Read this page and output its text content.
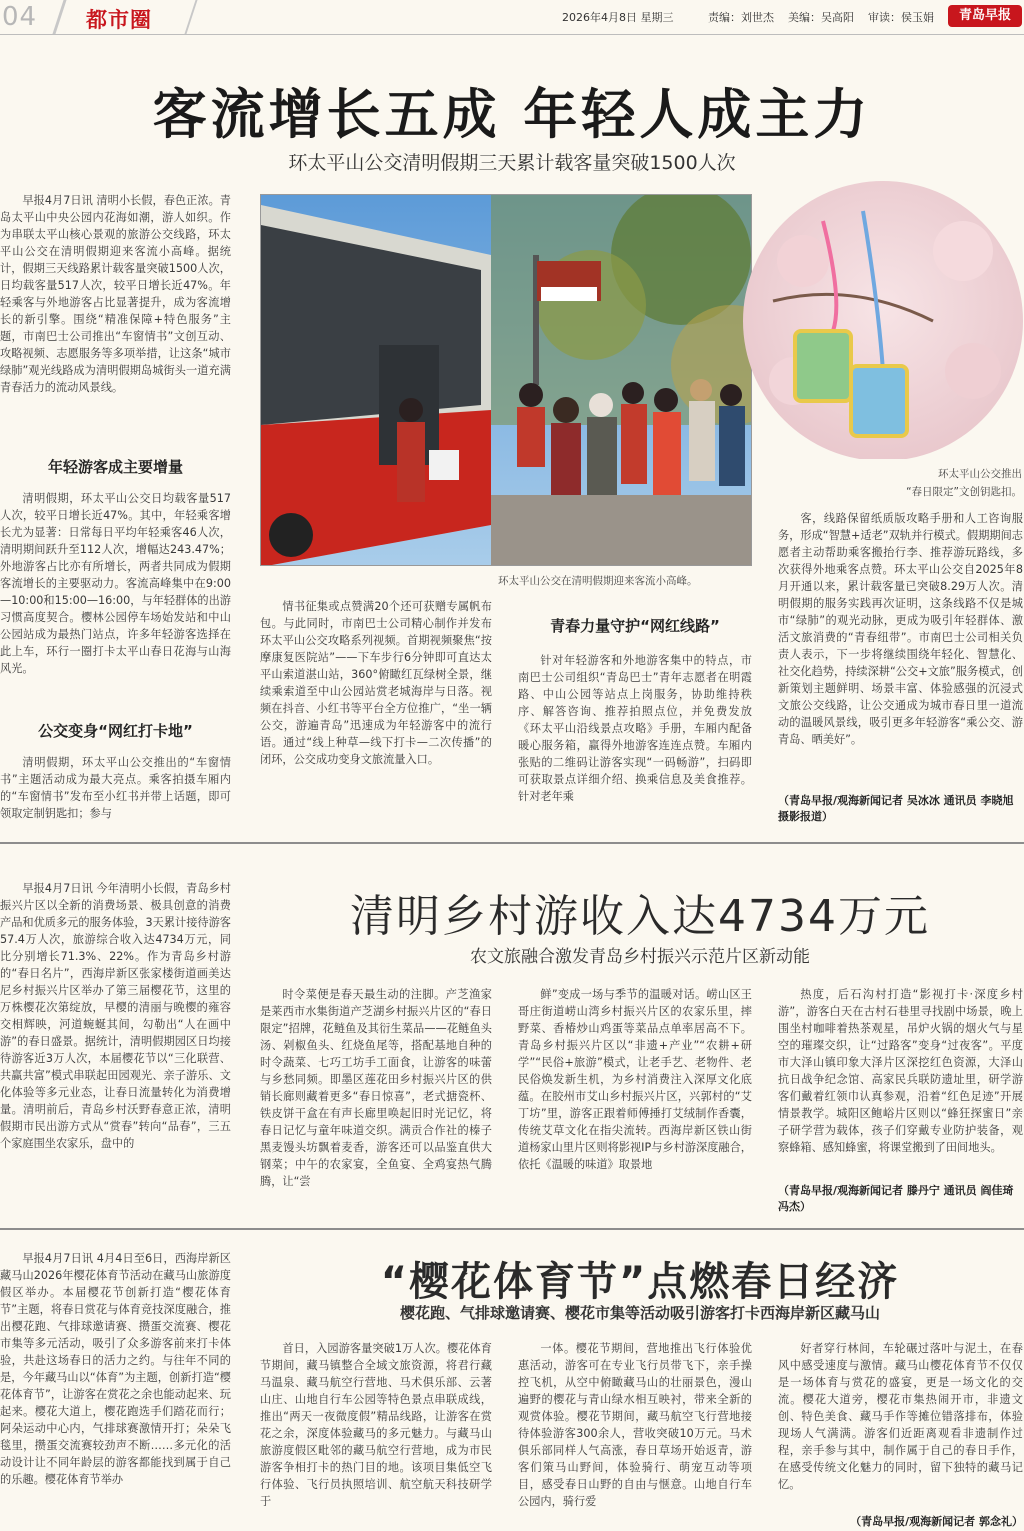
04 都市圈	2026年4月8日 星期三	责编：刘世杰 美编：吴高阳 审读：侯玉娟	青岛早报
客流增长五成 年轻人成主力
环太平山公交清明假期三天累计载客量突破1500人次

早报4月7日讯 清明小长假，春色正浓。青岛太平山中央公园内花海如潮，游人如织。作为串联太平山核心景观的旅游公交线路，环太平山公交在清明假期迎来客流小高峰。据统计，假期三天线路累计载客量突破1500人次，日均载客量517人次，较平日增长近47%。年轻乘客与外地游客占比显著提升，成为客流增长的新引擎。围绕“精准保障+特色服务”主题，市南巴士公司推出“车窗情书”文创互动、攻略视频、志愿服务等多项举措，让这条“城市绿肺”观光线路成为清明假期岛城街头一道充满青春活力的流动风景线。

年轻游客成主要增量

清明假期，环太平山公交日均载客量517人次，较平日增长近47%。其中，年轻乘客增长尤为显著：日常每日平均年轻乘客46人次，清明期间跃升至112人次，增幅达243.47%；外地游客占比亦有所增长，两者共同成为假期客流增长的主要驱动力。客流高峰集中在9:00—10:00和15:00—16:00，与年轻群体的出游习惯高度契合。樱林公园停车场始发站和中山公园站成为最热门站点，许多年轻游客选择在此上车，环行一圈打卡太平山春日花海与山海风光。

公交变身“网红打卡地”

清明假期，环太平山公交推出的“车窗情书”主题活动成为最大亮点。乘客拍摄车厢内的“车窗情书”发布至小红书并带上话题，即可领取定制钥匙扣；参与

环太平山公交在清明假期迎来客流小高峰。
环太平山公交推出
“春日限定”文创钥匙扣。

情书征集或点赞满20个还可获赠专属帆布包。与此同时，市南巴士公司精心制作并发布环太平山公交攻略系列视频。首期视频聚焦“按摩康复医院站”——下车步行6分钟即可直达太平山索道湛山站，360°俯瞰红瓦绿树全景，继续乘索道至中山公园站赏老城海岸与日落。视频在抖音、小红书等平台全方位推广，“坐一辆公交，游遍青岛”迅速成为年轻游客中的流行语。通过“线上种草—线下打卡—二次传播”的闭环，公交成功变身文旅流量入口。

青春力量守护“网红线路”

针对年轻游客和外地游客集中的特点，市南巴士公司组织“青岛巴士”青年志愿者在明霞路、中山公园等站点上岗服务，协助维持秩序、解答咨询、推荐拍照点位，并免费发放《环太平山沿线景点攻略》手册，车厢内配备暖心服务箱，赢得外地游客连连点赞。车厢内张贴的二维码让游客实现“一码畅游”，扫码即可获取景点详细介绍、换乘信息及美食推荐。针对老年乘

客，线路保留纸质版攻略手册和人工咨询服务，形成“智慧+适老”双轨并行模式。假期期间志愿者主动帮助乘客搬抬行李、推荐游玩路线，多次获得外地乘客点赞。环太平山公交自2025年8月开通以来，累计载客量已突破8.29万人次。清明假期的服务实践再次证明，这条线路不仅是城市“绿肺”的观光动脉，更成为吸引年轻群体、激活文旅消费的“青春纽带”。市南巴士公司相关负责人表示，下一步将继续围绕年轻化、智慧化、社交化趋势，持续深耕“公交+文旅”服务模式，创新策划主题鲜明、场景丰富、体验感强的沉浸式文旅公交线路，让公交通成为城市春日里一道流动的温暖风景线，吸引更多年轻游客“乘公交、游青岛、晒美好”。

（青岛早报/观海新闻记者 吴冰冰 通讯员 李晓旭 摄影报道）

早报4月7日讯 今年清明小长假，青岛乡村振兴片区以全新的消费场景、极具创意的消费产品和优质多元的服务体验，3天累计接待游客57.4万人次，旅游综合收入达4734万元，同比分别增长71.3%、22%。作为青岛乡村游的“春日名片”，西海岸新区张家楼街道画美达尼乡村振兴片区举办了第三届樱花节，这里的万株樱花次第绽放，早樱的清丽与晚樱的雍容交相辉映，河道蜿蜒其间，勾勒出“人在画中游”的春日盛景。据统计，清明假期园区日均接待游客近3万人次，本届樱花节以“三化联营、共赢共富”模式串联起田园观光、亲子游乐、文化体验等多元业态，让春日流量转化为消费增量。清明前后，青岛乡村沃野春意正浓，清明假期市民出游方式从“赏春”转向“品春”，三五个家庭围坐农家乐，盘中的

清明乡村游收入达4734万元
农文旅融合激发青岛乡村振兴示范片区新动能

时令菜便是春天最生动的注脚。产芝渔家是莱西市水集街道产芝湖乡村振兴片区的“春日限定”招牌，花鲢鱼及其衍生菜品——花鲢鱼头汤、剁椒鱼头、红烧鱼尾等，搭配基地自种的时令蔬菜、七巧工坊手工面食，让游客的味蕾与乡愁同频。即墨区莲花田乡村振兴片区的供销长廊则藏着更多“春日惊喜”，老式搪瓷杯、铁皮饼干盒在有声长廊里唤起旧时光记忆，将春日记忆与童年味道交织。满贡合作社的榛子黑麦馒头坊飘着麦香，游客还可以品鉴直供大钢菜；中午的农家宴，全鱼宴、全鸡宴热气腾腾，让“尝

鲜”变成一场与季节的温暖对话。崂山区王哥庄街道崂山湾乡村振兴片区的农家乐里，摔野菜、香椿炒山鸡蛋等菜品点单率居高不下。青岛乡村振兴片区以“非遗+产业”“农耕+研学”“民俗+旅游”模式，让老手艺、老物件、老民俗焕发新生机，为乡村消费注入深厚文化底蕴。在胶州市艾山乡村振兴片区，兴郭村的“艾丁坊”里，游客正跟着师傅捶打艾绒制作香囊，传统艾草文化在指尖流转。西海岸新区铁山街道杨家山里片区则将影视IP与乡村游深度融合，依托《温暖的味道》取景地

热度，后石沟村打造“影视打卡·深度乡村游”，游客白天在古村石巷里寻找剧中场景，晚上围坐村咖啡着热茶观星，吊炉火锅的烟火气与星空的璀璨交织，让“过路客”变身“过夜客”。平度市大泽山镇印象大泽片区深挖红色资源，大泽山抗日战争纪念馆、高家民兵联防遗址里，研学游客们戴着红领巾认真参观，沿着“红色足迹”开展情景教学。城阳区鲍峪片区则以“蜂狂探蜜日”亲子研学营为载体，孩子们穿戴专业防护装备，观察蜂箱、感知蜂蜜，将课堂搬到了田间地头。

（青岛早报/观海新闻记者 滕丹宁 通讯员 阎佳琦 冯杰）

早报4月7日讯 4月4日至6日，西海岸新区藏马山2026年樱花体育节活动在藏马山旅游度假区举办。本届樱花节创新打造“樱花体育节”主题，将春日赏花与体育竞技深度融合，推出樱花跑、气排球邀请赛、攒蛋交流赛、樱花市集等多元活动，吸引了众多游客前来打卡体验，共赴这场春日的活力之约。与往年不同的是，今年藏马山以“体育”为主题，创新打造“樱花体育节”，让游客在赏花之余也能动起来、玩起来。樱花大道上，樱花跑选手们踏花而行；阿朵运动中心内，气排球赛激情开打；朵朵飞毯里，攒蛋交流赛较劲声不断……多元化的活动设计让不同年龄层的游客都能找到属于自己的乐趣。樱花体育节举办

“樱花体育节”点燃春日经济
樱花跑、气排球邀请赛、樱花市集等活动吸引游客打卡西海岸新区藏马山

首日，入园游客量突破1万人次。樱花体育节期间，藏马镇整合全域文旅资源，将君行藏马温泉、藏马航空行营地、马术俱乐部、云著山庄、山地自行车公园等特色景点串联成线，推出“两天一夜微度假”精品线路，让游客在赏花之余，深度体验藏马的多元魅力。与藏马山旅游度假区毗邻的藏马航空行营地，成为市民游客争相打卡的热门目的地。该项目集低空飞行体验、飞行员执照培训、航空航天科技研学于

一体。樱花节期间，营地推出飞行体验优惠活动，游客可在专业飞行员带飞下，亲手操控飞机，从空中俯瞰藏马山的壮丽景色，漫山遍野的樱花与青山绿水相互映衬，带来全新的观赏体验。樱花节期间，藏马航空飞行营地接待体验游客300余人，营收突破10万元。马术俱乐部同样人气高涨，春日草场开始返青，游客们策马山野间，体验骑行、萌宠互动等项目，感受春日山野的自由与惬意。山地自行车公园内，骑行爱

好者穿行林间，车轮碾过落叶与泥土，在春风中感受速度与激情。藏马山樱花体育节不仅仅是一场体育与赏花的盛宴，更是一场文化的交流。樱花大道旁，樱花市集热闹开市，非遗文创、特色美食、藏马手作等摊位错落排布，体验现场人气满满。游客们近距离观看非遗制作过程，亲手参与其中，制作属于自己的春日手作，在感受传统文化魅力的同时，留下独特的藏马记忆。

（青岛早报/观海新闻记者 郭念礼）
